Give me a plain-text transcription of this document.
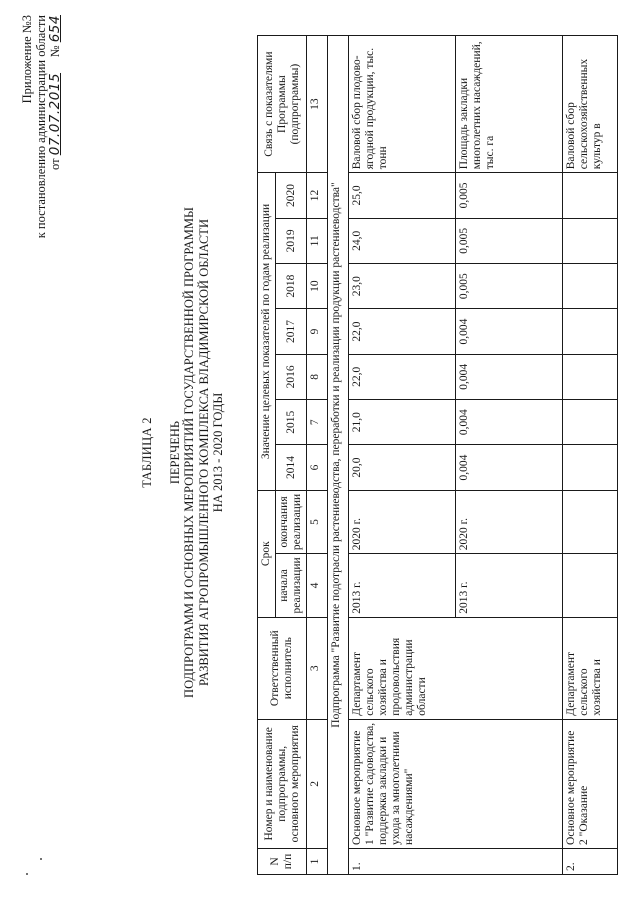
Приложение №3 к постановлению администрации области от 07.07.2015     № 654
ТАБЛИЦА 2 ПЕРЕЧЕНЬ ПОДПРОГРАММ И ОСНОВНЫХ МЕРОПРИЯТИЙ ГОСУДАРСТВЕННОЙ ПРОГРАММЫ РАЗВИТИЯ АГРОПРОМЫШЛЕННОГО КОМПЛЕКСА ВЛАДИМИРСКОЙ ОБЛАСТИ НА 2013 - 2020 ГОДЫ
N п/п	Номер и наименование подпрограммы, основного мероприятия	Ответственный исполнитель	Срок		Значение целевых показателей по годам реализации							Связь с показателями Программы (подпрограммы)
			начала реализации	окончания реализации	2014	2015	2016	2017	2018	2019	2020	
1	2	3	4	5	6	7	8	9	10	11	12	13
Подпрограмма "Развитие подотрасли растениеводства, переработки и реализации продукции растениеводства"												
1.	Основное мероприятие 1 "Развитие садоводства, поддержка закладки и ухода за многолетними насаждениями"	Департамент сельского хозяйства и продовольствия администрации области	2013 г.	2020 г.	20,0	21,0	22,0	22,0	23,0	24,0	25,0	Валовой сбор плодово-ягодной продукции, тыс. тонн
			2013 г.	2020 г.	0,004	0,004	0,004	0,004	0,005	0,005	0,005	Площадь закладки многолетних насаждений, тыс. га
2.	Основное мероприятие 2 "Оказание	Департамент сельского хозяйства и										Валовой сбор сельскохозяйственных культур в
